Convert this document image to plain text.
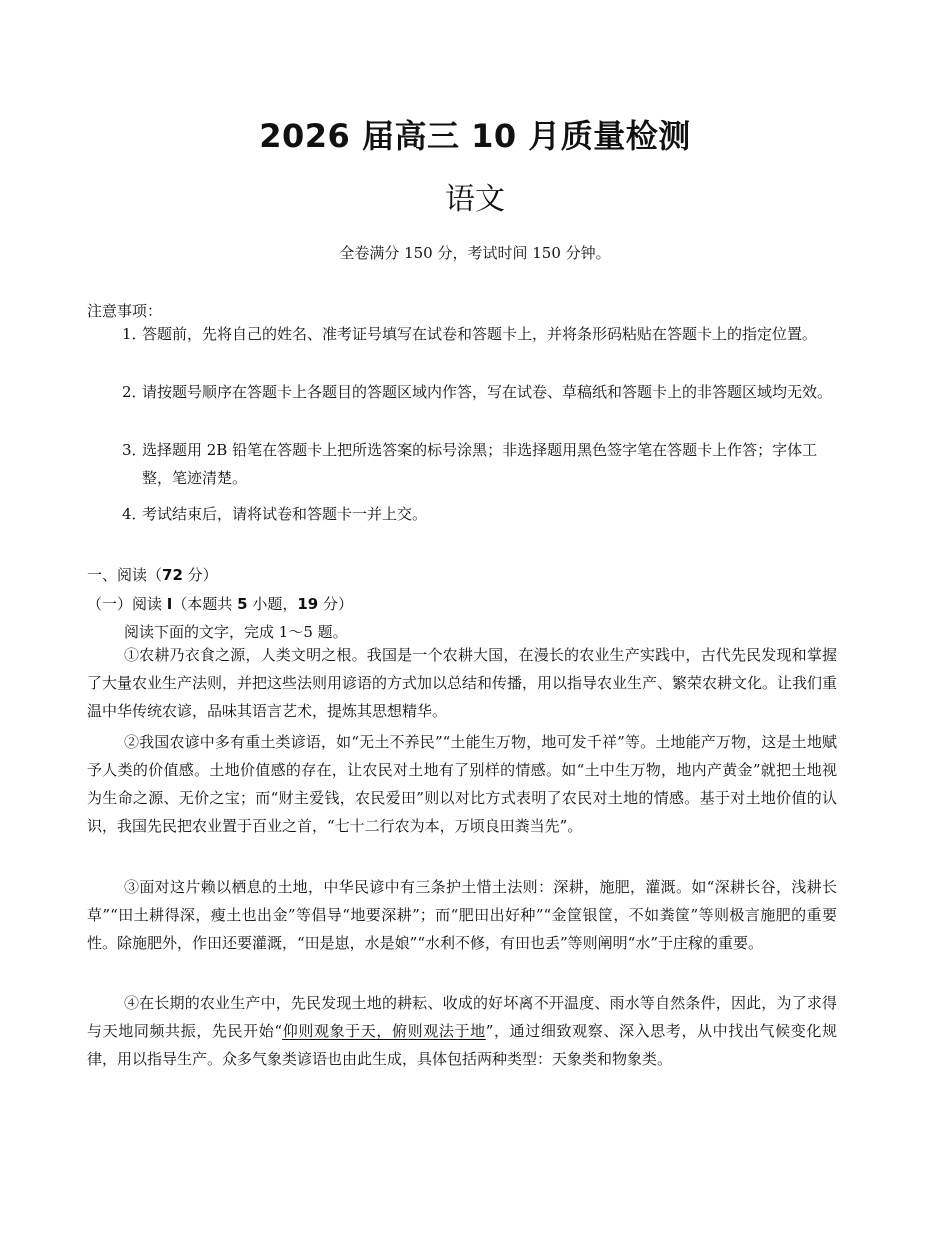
2026 届高三 10 月质量检测
语文
全卷满分 150 分，考试时间 150 分钟。
注意事项：
1．答题前，先将自己的姓名、准考证号填写在试卷和答题卡上，并将条形码粘贴在答题卡上的指定位置。
2．请按题号顺序在答题卡上各题目的答题区域内作答，写在试卷、草稿纸和答题卡上的非答题区域均无效。
3．选择题用 2B 铅笔在答题卡上把所选答案的标号涂黑；非选择题用黑色签字笔在答题卡上作答；字体工整，笔迹清楚。
4．考试结束后，请将试卷和答题卡一并上交。
一、阅读（72 分）
（一）阅读 I（本题共 5 小题，19 分）
阅读下面的文字，完成 1～5 题。
①农耕乃衣食之源，人类文明之根。我国是一个农耕大国，在漫长的农业生产实践中，古代先民发现和掌握了大量农业生产法则，并把这些法则用谚语的方式加以总结和传播，用以指导农业生产、繁荣农耕文化。让我们重温中华传统农谚，品味其语言艺术，提炼其思想精华。
②我国农谚中多有重土类谚语，如“无土不养民”“土能生万物，地可发千祥”等。土地能产万物，这是土地赋予人类的价值感。土地价值感的存在，让农民对土地有了别样的情感。如“土中生万物，地内产黄金”就把土地视为生命之源、无价之宝；而“财主爱钱，农民爱田”则以对比方式表明了农民对土地的情感。基于对土地价值的认识，我国先民把农业置于百业之首，“七十二行农为本，万顷良田粪当先”。
③面对这片赖以栖息的土地，中华民谚中有三条护土惜土法则：深耕，施肥，灌溉。如“深耕长谷，浅耕长草”“田土耕得深，瘦土也出金”等倡导“地要深耕”；而“肥田出好种”“金筐银筐，不如粪筐”等则极言施肥的重要性。除施肥外，作田还要灌溉，“田是崽，水是娘”“水利不修，有田也丢”等则阐明“水”于庄稼的重要。
④在长期的农业生产中，先民发现土地的耕耘、收成的好坏离不开温度、雨水等自然条件，因此，为了求得与天地同频共振，先民开始“仰则观象于天，俯则观法于地”，通过细致观察、深入思考，从中找出气候变化规律，用以指导生产。众多气象类谚语也由此生成，具体包括两种类型：天象类和物象类。
